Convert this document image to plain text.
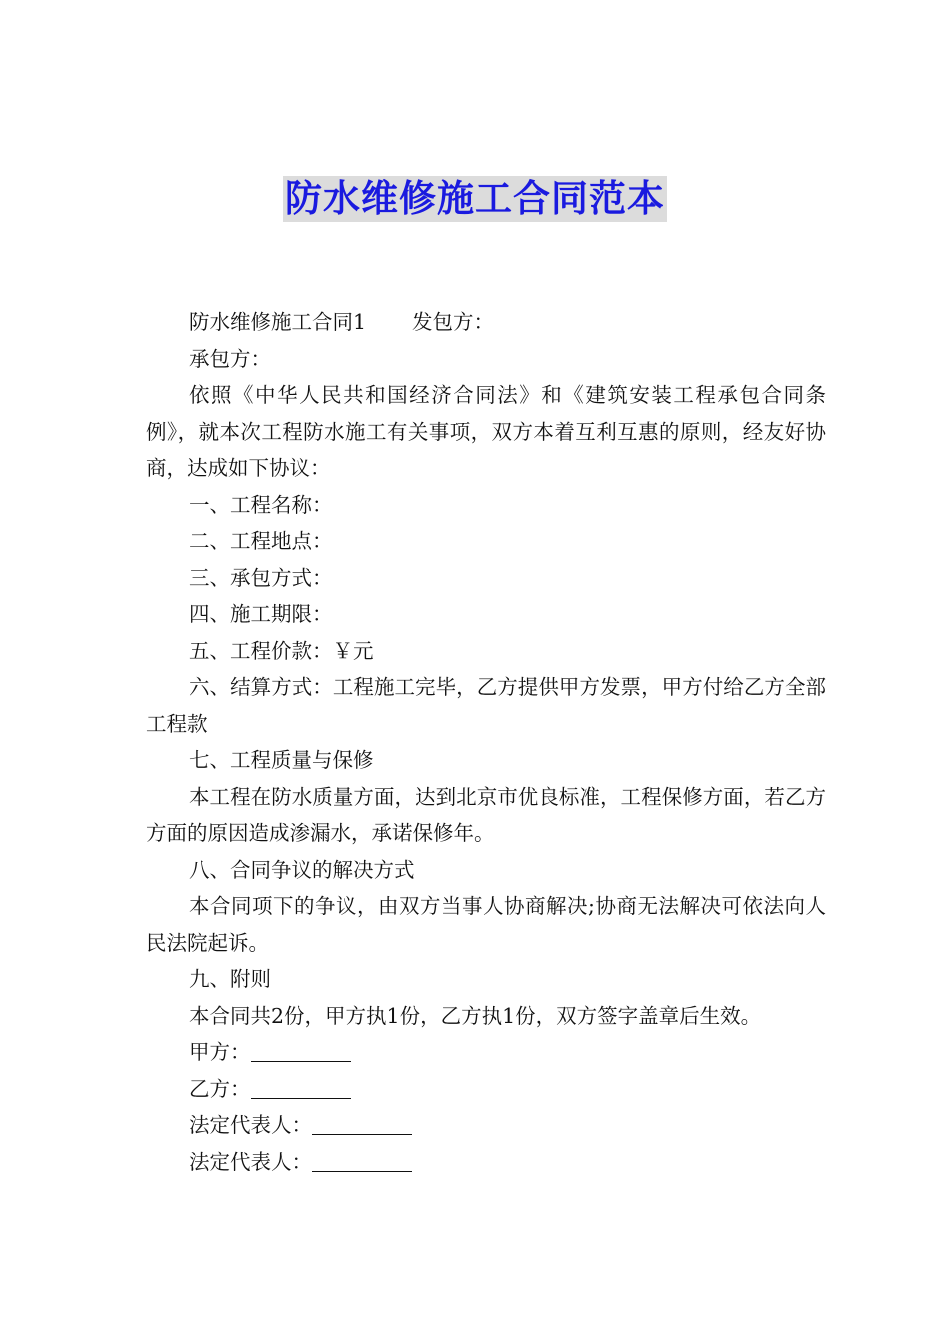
防水维修施工合同范本

防水维修施工合同1 发包方：

承包方：

依照《中华人民共和国经济合同法》和《建筑安装工程承包合同条例》，就本次工程防水施工有关事项，双方本着互利互惠的原则，经友好协商，达成如下协议：

一、工程名称：

二、工程地点：

三、承包方式：

四、施工期限：

五、工程价款：￥元

六、结算方式：工程施工完毕，乙方提供甲方发票，甲方付给乙方全部工程款

七、工程质量与保修

本工程在防水质量方面，达到北京市优良标准，工程保修方面，若乙方方面的原因造成渗漏水，承诺保修年。

八、合同争议的解决方式

本合同项下的争议，由双方当事人协商解决;协商无法解决可依法向人民法院起诉。

九、附则

本合同共2份，甲方执1份，乙方执1份，双方签字盖章后生效。

甲方：

乙方：

法定代表人：

法定代表人：
